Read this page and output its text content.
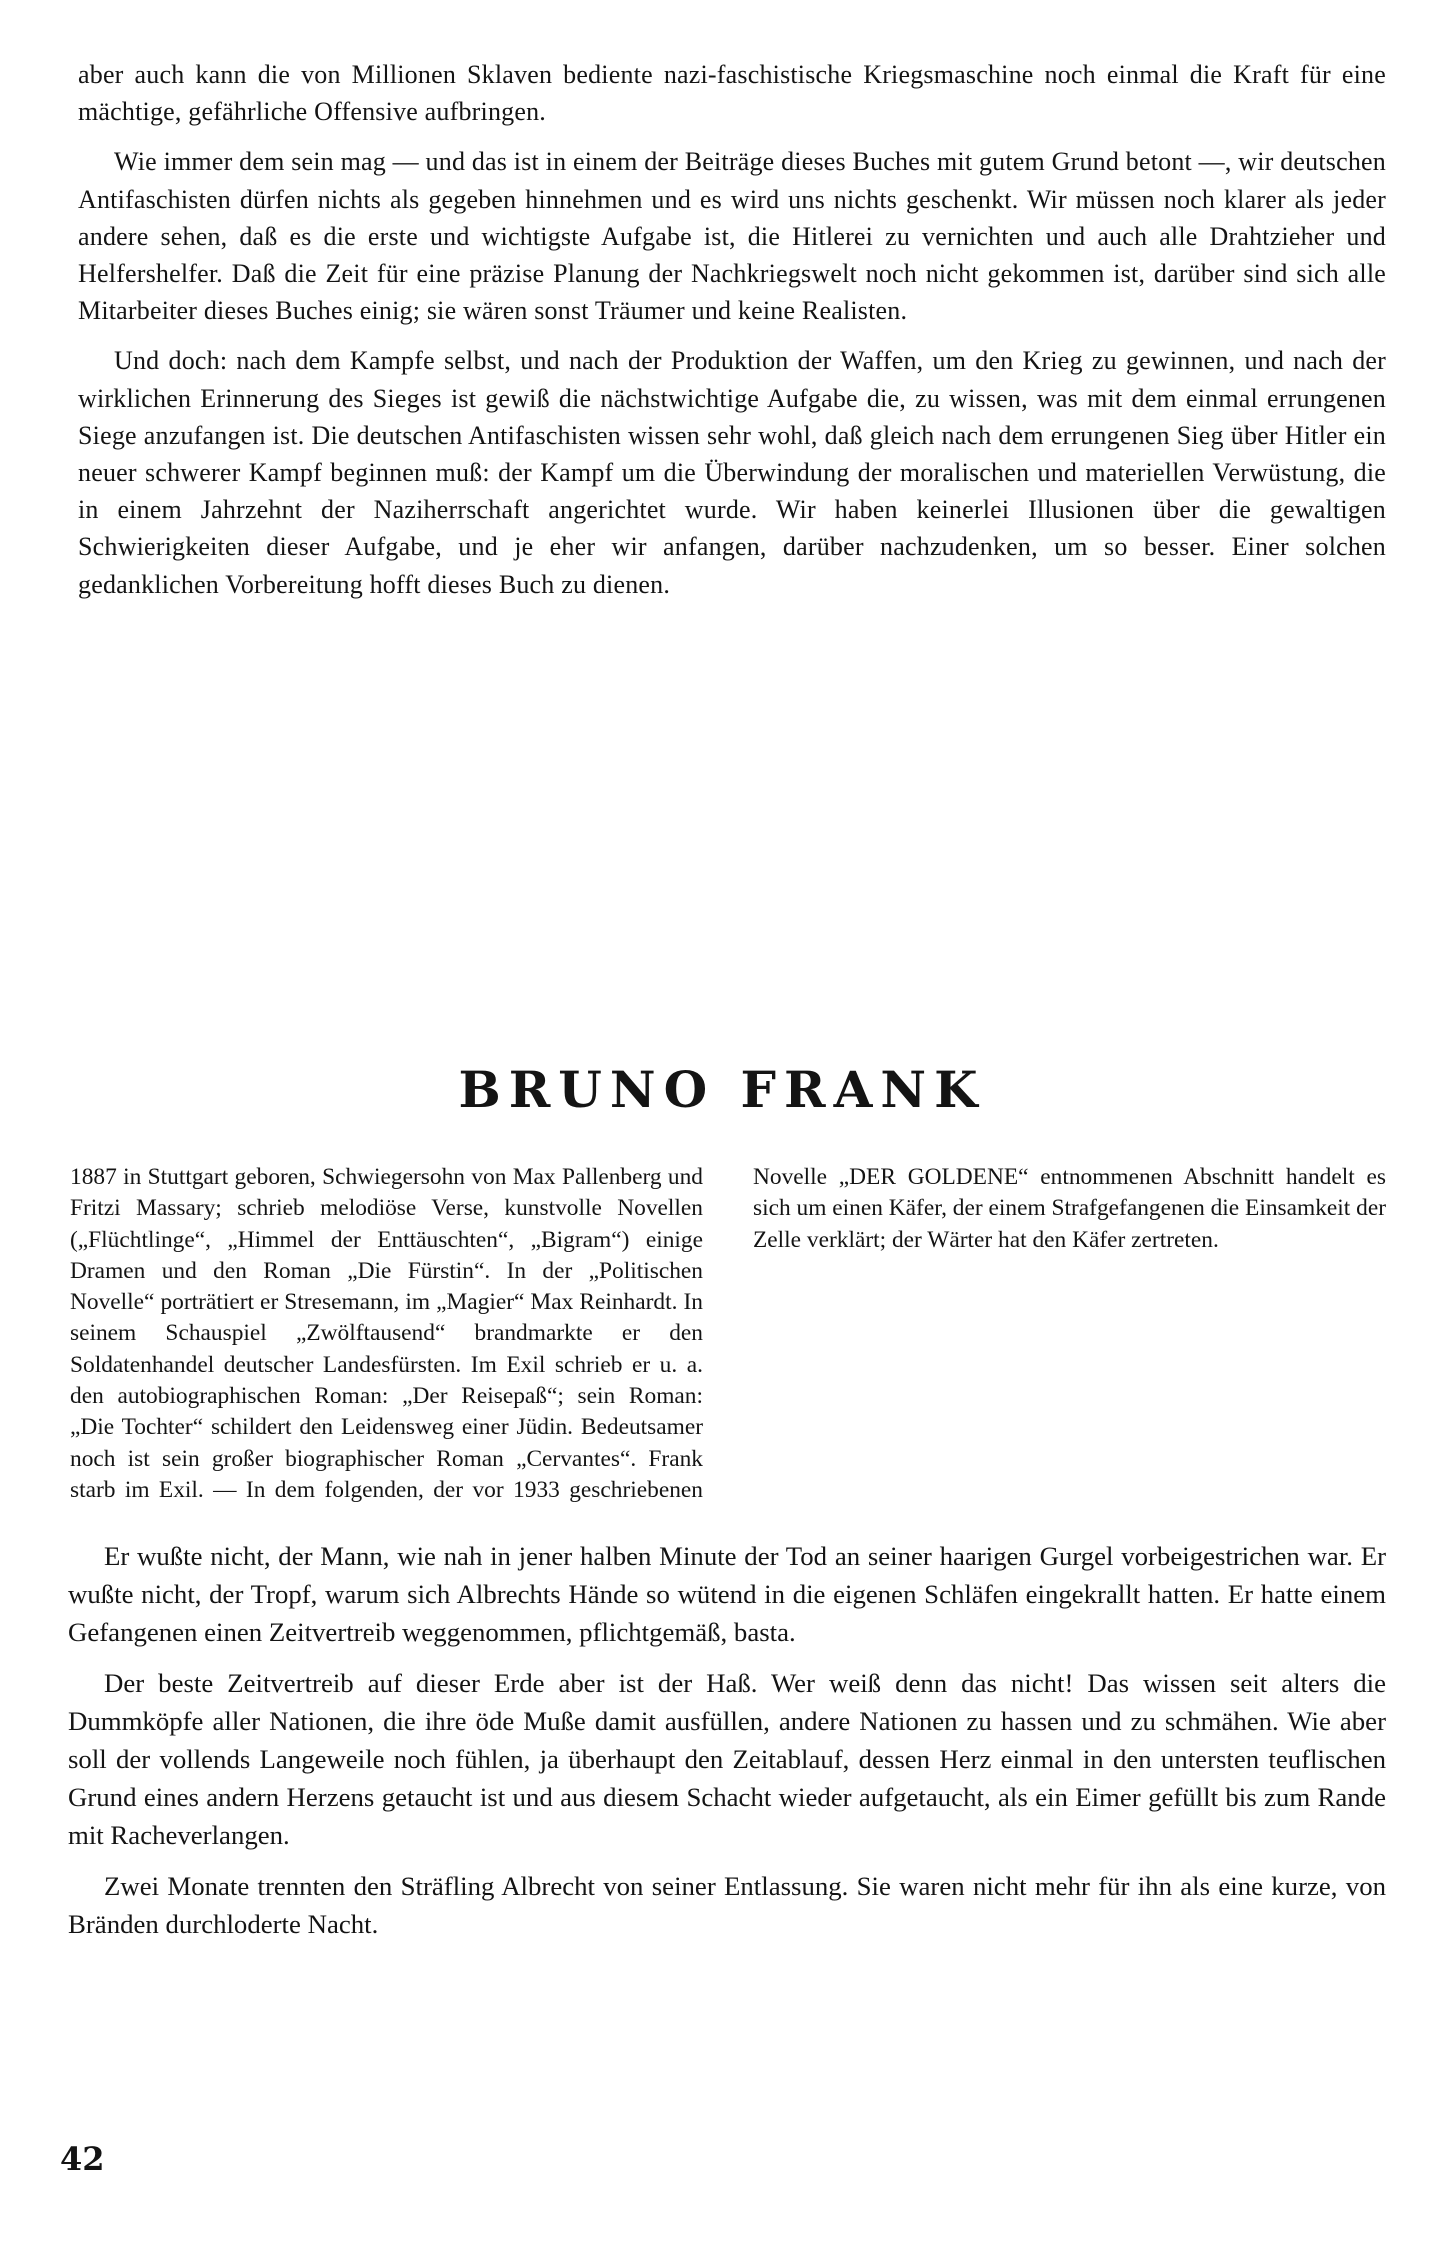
aber auch kann die von Millionen Sklaven bediente nazi-faschistische Kriegsmaschine noch einmal die Kraft für eine mächtige, gefährliche Offensive aufbringen.

Wie immer dem sein mag — und das ist in einem der Beiträge dieses Buches mit gutem Grund betont —, wir deutschen Antifaschisten dürfen nichts als gegeben hinnehmen und es wird uns nichts geschenkt. Wir müssen noch klarer als jeder andere sehen, daß es die erste und wichtigste Aufgabe ist, die Hitlerei zu vernichten und auch alle Drahtzieher und Helfershelfer. Daß die Zeit für eine präzise Planung der Nachkriegswelt noch nicht gekommen ist, darüber sind sich alle Mitarbeiter dieses Buches einig; sie wären sonst Träumer und keine Realisten.

Und doch: nach dem Kampfe selbst, und nach der Produktion der Waffen, um den Krieg zu gewinnen, und nach der wirklichen Erinnerung des Sieges ist gewiß die nächstwichtige Aufgabe die, zu wissen, was mit dem einmal errungenen Siege anzufangen ist. Die deutschen Antifaschisten wissen sehr wohl, daß gleich nach dem errungenen Sieg über Hitler ein neuer schwerer Kampf beginnen muß: der Kampf um die Überwindung der moralischen und materiellen Verwüstung, die in einem Jahrzehnt der Naziherrschaft angerichtet wurde. Wir haben keinerlei Illusionen über die gewaltigen Schwierigkeiten dieser Aufgabe, und je eher wir anfangen, darüber nachzudenken, um so besser. Einer solchen gedanklichen Vorbereitung hofft dieses Buch zu dienen.

BRUNO FRANK

1887 in Stuttgart geboren, Schwiegersohn von Max Pallenberg und Fritzi Massary; schrieb melodiöse Verse, kunstvolle Novellen („Flüchtlinge“, „Himmel der Enttäuschten“, „Bigram“) einige Dramen und den Roman „Die Fürstin“. In der „Politischen Novelle“ porträtiert er Stresemann, im „Magier“ Max Reinhardt. In seinem Schauspiel „Zwölftausend“ brandmarkte er den Soldatenhandel deutscher Landesfürsten. Im Exil schrieb er u. a. den autobiographischen Roman: „Der Reisepaß“; sein Roman: „Die Tochter“ schildert den Leidensweg einer Jüdin. Bedeutsamer noch ist sein großer biographischer Roman „Cervantes“. Frank starb im Exil. — In dem folgenden, der vor 1933 geschriebenen Novelle „DER GOLDENE“ entnommenen Abschnitt handelt es sich um einen Käfer, der einem Strafgefangenen die Einsamkeit der Zelle verklärt; der Wärter hat den Käfer zertreten.

Er wußte nicht, der Mann, wie nah in jener halben Minute der Tod an seiner haarigen Gurgel vorbeigestrichen war. Er wußte nicht, der Tropf, warum sich Albrechts Hände so wütend in die eigenen Schläfen eingekrallt hatten. Er hatte einem Gefangenen einen Zeitvertreib weggenommen, pflichtgemäß, basta.

Der beste Zeitvertreib auf dieser Erde aber ist der Haß. Wer weiß denn das nicht! Das wissen seit alters die Dummköpfe aller Nationen, die ihre öde Muße damit ausfüllen, andere Nationen zu hassen und zu schmähen. Wie aber soll der vollends Langeweile noch fühlen, ja überhaupt den Zeitablauf, dessen Herz einmal in den untersten teuflischen Grund eines andern Herzens getaucht ist und aus diesem Schacht wieder aufgetaucht, als ein Eimer gefüllt bis zum Rande mit Racheverlangen.

Zwei Monate trennten den Sträfling Albrecht von seiner Entlassung. Sie waren nicht mehr für ihn als eine kurze, von Bränden durchloderte Nacht.

42
